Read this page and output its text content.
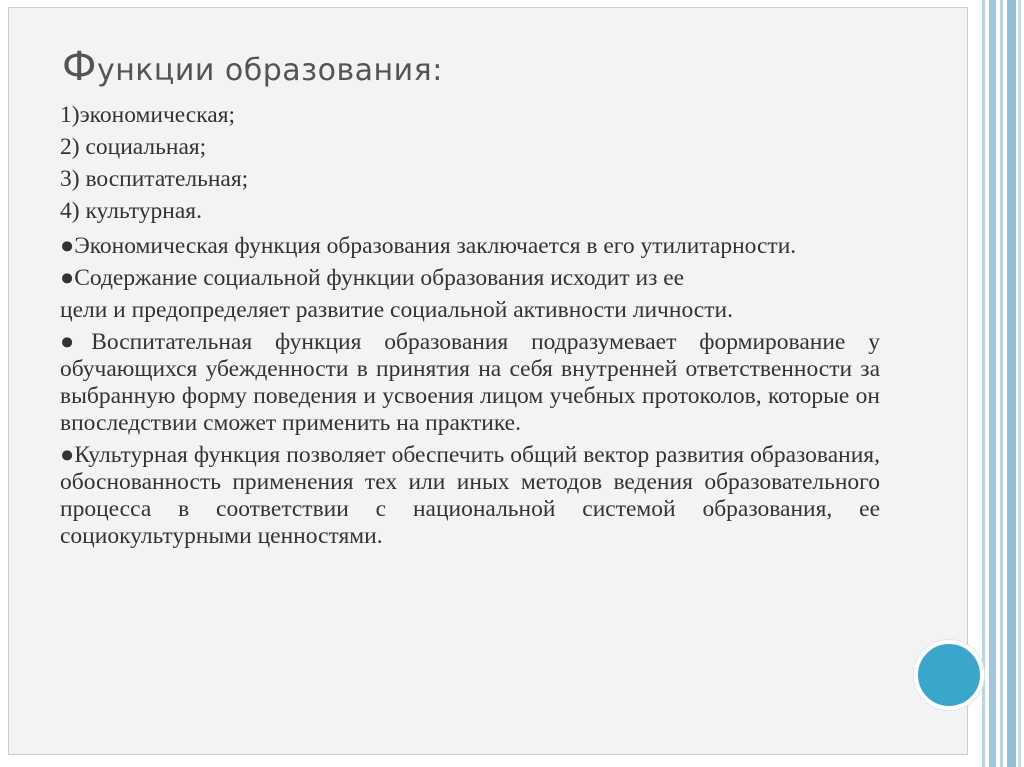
Функции образования:
1)экономическая;
2) социальная;
3) воспитательная;
4) культурная.
●Экономическая функция образования заключается в его утилитарности.
●Содержание социальной функции образования исходит из ее
цели и предопределяет развитие социальной активности личности.
●Воспитательная функция образования подразумевает формирование у обучающихся убежденности в принятия на себя внутренней ответственности за выбранную форму поведения и усвоения лицом учебных протоколов, которые он впоследствии сможет применить на практике.
●Культурная функция позволяет обеспечить общий вектор развития образования, обоснованность применения тех или иных методов ведения образовательного процесса в соответствии с национальной системой образования, ее социокультурными ценностями.
